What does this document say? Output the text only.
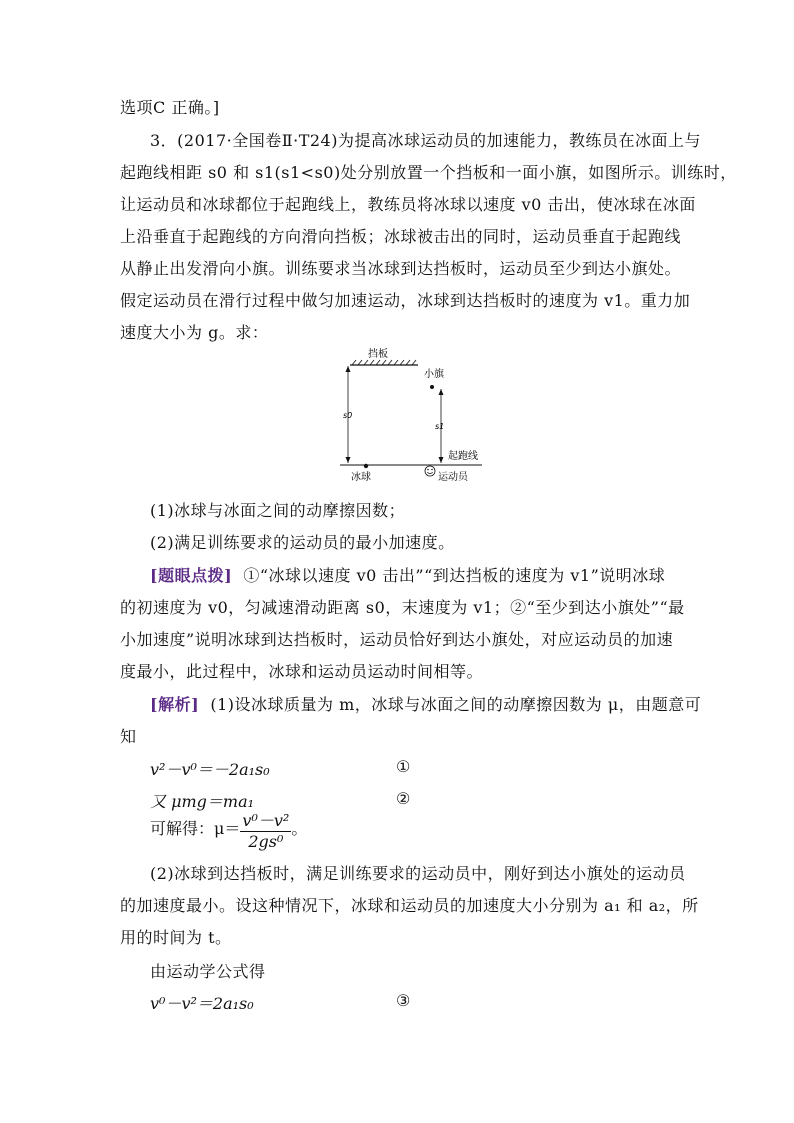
选项C 正确。]
3．(2017·全国卷Ⅱ·T24)为提高冰球运动员的加速能力，教练员在冰面上与
起跑线相距 s0 和 s1(s1<s0)处分别放置一个挡板和一面小旗，如图所示。训练时，
让运动员和冰球都位于起跑线上，教练员将冰球以速度 v0 击出，使冰球在冰面
上沿垂直于起跑线的方向滑向挡板；冰球被击出的同时，运动员垂直于起跑线
从静止出发滑向小旗。训练要求当冰球到达挡板时，运动员至少到达小旗处。
假定运动员在滑行过程中做匀加速运动，冰球到达挡板时的速度为 v1。重力加
速度大小为 g。求：
挡板
s0
小旗
s1
起跑线
冰球	运动员
(1)冰球与冰面之间的动摩擦因数；
(2)满足训练要求的运动员的最小加速度。
[题眼点拨] ①“冰球以速度 v0 击出”“到达挡板的速度为 v1”说明冰球
的初速度为 v0，匀减速滑动距离 s0，末速度为 v1；②“至少到达小旗处”“最
小加速度”说明冰球到达挡板时，运动员恰好到达小旗处，对应运动员的加速
度最小，此过程中，冰球和运动员运动时间相等。
[解析] (1)设冰球质量为 m，冰球与冰面之间的动摩擦因数为 μ，由题意可
知
v²－v⁰＝－2a₁s₀	①
又 μmg＝ma₁	②
可解得：$\mu= \frac{\text{v⁰－v²}}{\text{2gs⁰}}$ 。
(2)冰球到达挡板时，满足训练要求的运动员中，刚好到达小旗处的运动员
的加速度最小。设这种情况下，冰球和运动员的加速度大小分别为 a₁ 和 a₂，所
用的时间为 t。
由运动学公式得
v⁰－v²＝2a₁s₀	③
